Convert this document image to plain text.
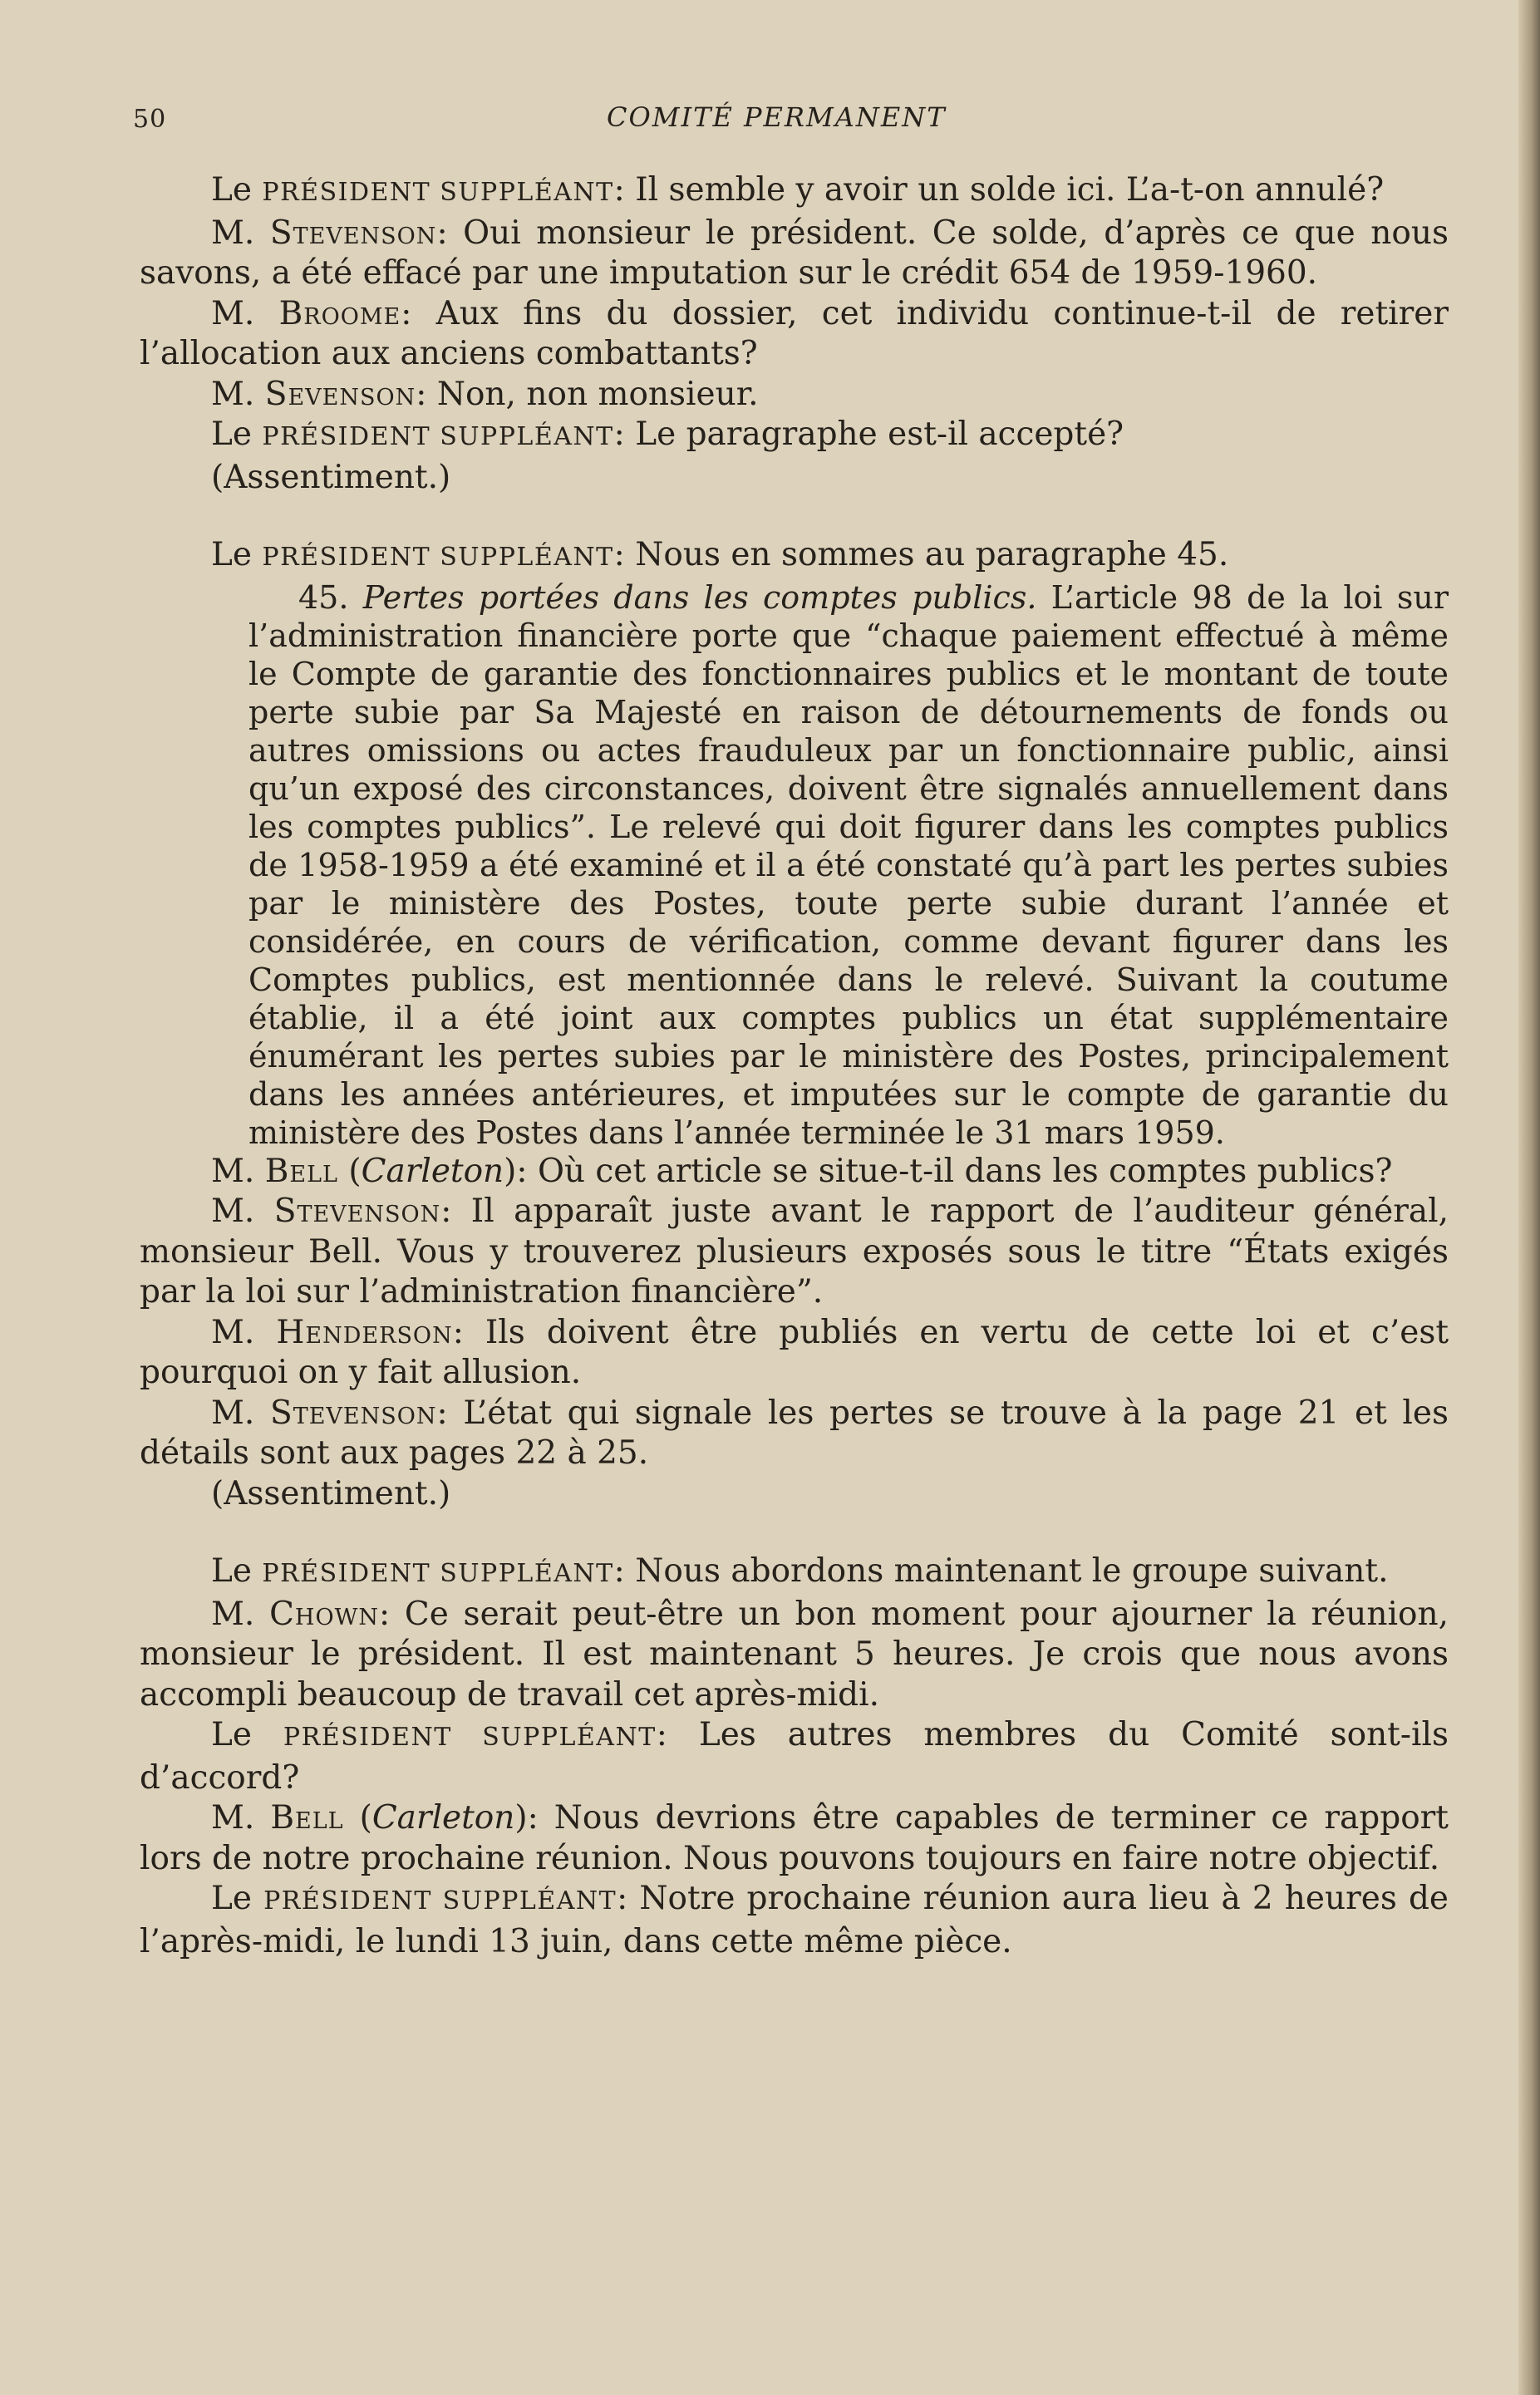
50	COMITÉ PERMANENT

Le PRÉSIDENT SUPPLÉANT: Il semble y avoir un solde ici. L’a-t-on annulé?

M. Stevenson: Oui monsieur le président. Ce solde, d’après ce que nous savons, a été effacé par une imputation sur le crédit 654 de 1959-1960.

M. Broome: Aux fins du dossier, cet individu continue-t-il de retirer l’allocation aux anciens combattants?

M. Sevenson: Non, non monsieur.

Le PRÉSIDENT SUPPLÉANT: Le paragraphe est-il accepté?

(Assentiment.)

Le PRÉSIDENT SUPPLÉANT: Nous en sommes au paragraphe 45.

45. Pertes portées dans les comptes publics. L’article 98 de la loi sur l’administration financière porte que “chaque paiement effectué à même le Compte de garantie des fonctionnaires publics et le montant de toute perte subie par Sa Majesté en raison de détournements de fonds ou autres omissions ou actes frauduleux par un fonctionnaire public, ainsi qu’un exposé des circonstances, doivent être signalés annuellement dans les comptes publics”. Le relevé qui doit figurer dans les comptes publics de 1958-1959 a été examiné et il a été constaté qu’à part les pertes subies par le ministère des Postes, toute perte subie durant l’année et considérée, en cours de vérification, comme devant figurer dans les Comptes publics, est mentionnée dans le relevé. Suivant la coutume établie, il a été joint aux comptes publics un état supplémentaire énumérant les pertes subies par le ministère des Postes, principalement dans les années antérieures, et imputées sur le compte de garantie du ministère des Postes dans l’année terminée le 31 mars 1959.

M. Bell (Carleton): Où cet article se situe-t-il dans les comptes publics?

M. Stevenson: Il apparaît juste avant le rapport de l’auditeur général, monsieur Bell. Vous y trouverez plusieurs exposés sous le titre “États exigés par la loi sur l’administration financière”.

M. Henderson: Ils doivent être publiés en vertu de cette loi et c’est pourquoi on y fait allusion.

M. Stevenson: L’état qui signale les pertes se trouve à la page 21 et les détails sont aux pages 22 à 25.

(Assentiment.)

Le PRÉSIDENT SUPPLÉANT: Nous abordons maintenant le groupe suivant.

M. Chown: Ce serait peut-être un bon moment pour ajourner la réunion, monsieur le président. Il est maintenant 5 heures. Je crois que nous avons accompli beaucoup de travail cet après-midi.

Le PRÉSIDENT SUPPLÉANT: Les autres membres du Comité sont-ils d’accord?

M. Bell (Carleton): Nous devrions être capables de terminer ce rapport lors de notre prochaine réunion. Nous pouvons toujours en faire notre objectif.

Le PRÉSIDENT SUPPLÉANT: Notre prochaine réunion aura lieu à 2 heures de l’après-midi, le lundi 13 juin, dans cette même pièce.
